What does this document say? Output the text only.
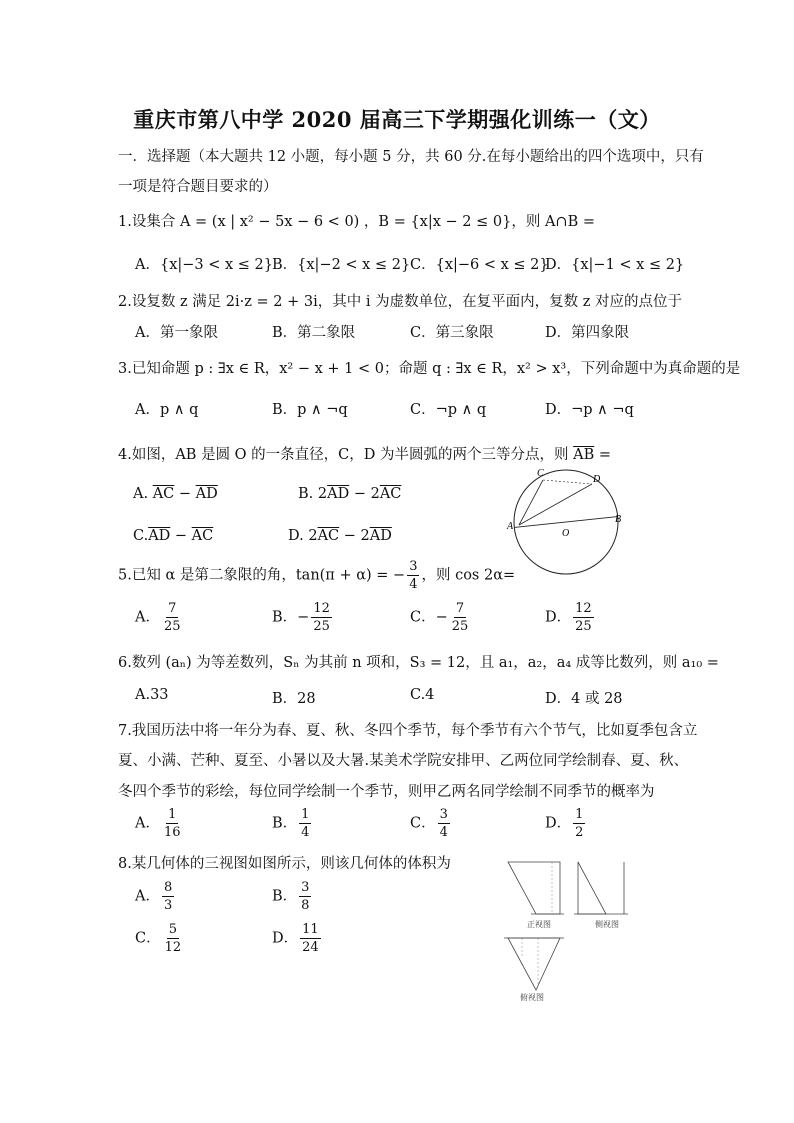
重庆市第八中学 2020 届高三下学期强化训练一（文）
一．选择题（本大题共 12 小题，每小题 5 分，共 60 分.在每小题给出的四个选项中，只有
一项是符合题目要求的）
1.设集合 A = (x | x² − 5x − 6 < 0) ，B = {x|x − 2 ≤ 0}，则 A∩B =
A．{x|−3 < x ≤ 2} B．{x|−2 < x ≤ 2} C．{x|−6 < x ≤ 2}
D．{x|−1 < x ≤ 2}
2.设复数 z 满足 2i·z = 2 + 3i，其中 i 为虚数单位，在复平面内，复数 z 对应的点位于
A．第一象限	B．第二象限	C．第三象限	D．第四象限
3.已知命题 p : ∃x ∈ R，x² − x + 1 < 0；命题 q : ∃x ∈ R，x² > x³，下列命题中为真命题的是
A．p ∧ q	B．p ∧ ¬q	C．¬p ∧ q	D．¬p ∧ ¬q
4.如图，AB 是圆 O 的一条直径，C，D 为半圆弧的两个三等分点，则 $\overline{AB}$ =
A. $\overline{AC} - \overline{AD}$	B. $2\overline{AD} - 2\overline{AC}$
$C.\overline{AD} - \overline{AC}$	D. $2\overline{AC} - 2\overline{AD}$
A
B
C
D
O
5.已知 α 是第二象限的角，tan(π + α) = − $\frac{3}{4}$ ，则 cos 2α=
A． $\frac{7}{25}$	B．− $\frac{12}{25}$	C．− $\frac{7}{25}$	D． $\frac{12}{25}$
6.数列 (aₙ) 为等差数列，Sₙ 为其前 n 项和，S₃ = 12，且 a₁，a₂，a₄ 成等比数列，则 a₁₀ =
A.33	B．28	C.4	D．4 或 28
7.我国历法中将一年分为春、夏、秋、冬四个季节，每个季节有六个节气，比如夏季包含立
夏、小满、芒种、夏至、小暑以及大暑.某美术学院安排甲、乙两位同学绘制春、夏、秋、
冬四个季节的彩绘，每位同学绘制一个季节，则甲乙两名同学绘制不同季节的概率为
A． $\frac{1}{16}$	B． $\frac{1}{4}$	C． $\frac{3}{4}$	D． $\frac{1}{2}$
8.某几何体的三视图如图所示，则该几何体的体积为
A． $\frac{8}{3}$	B． $\frac{3}{8}$
C． $\frac{5}{12}$	D． $\frac{11}{24}$	正视图	侧视图
俯视图
